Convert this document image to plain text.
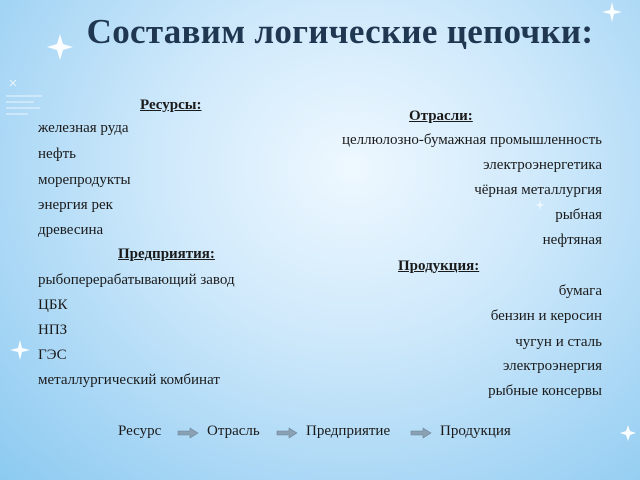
Составим логические цепочки:
Ресурсы:
железная руда
нефть
морепродукты
энергия рек
древесина
Предприятия:
рыбоперерабатывающий завод
ЦБК
НПЗ
ГЭС
металлургический комбинат
Отрасли:
целлюлозно-бумажная промышленность
электроэнергетика
чёрная металлургия
рыбная
нефтяная
Продукция:
бумага
бензин и керосин
чугун и сталь
электроэнергия
рыбные консервы
Ресурс	Отрасль	Предприятие	Продукция
